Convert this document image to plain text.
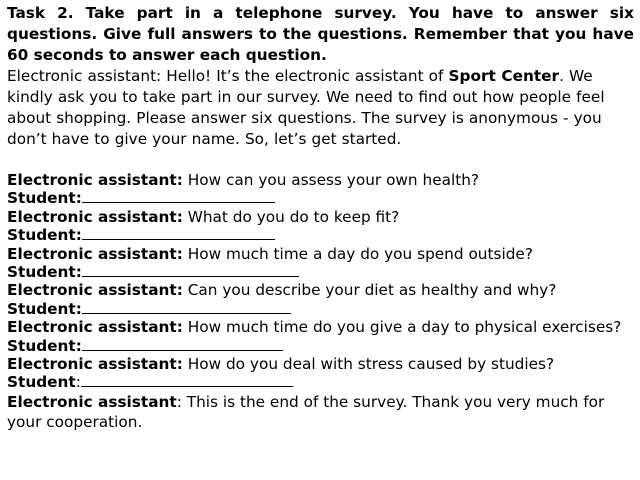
Task 2. Take part in a telephone survey. You have to answer six questions. Give full answers to the questions. Remember that you have 60 seconds to answer each question.

Electronic assistant: Hello! It’s the electronic assistant of Sport Center. We kindly ask you to take part in our survey. We need to find out how people feel about shopping. Please answer six questions. The survey is anonymous - you don’t have to give your name. So, let’s get started.

Electronic assistant: How can you assess your own health?

Student:

Electronic assistant: What do you do to keep fit?

Student:

Electronic assistant: How much time a day do you spend outside?

Student:

Electronic assistant: Can you describe your diet as healthy and why?

Student:

Electronic assistant: How much time do you give a day to physical exercises?

Student:

Electronic assistant: How do you deal with stress caused by studies?

Student:

Electronic assistant: This is the end of the survey. Thank you very much for your cooperation.
